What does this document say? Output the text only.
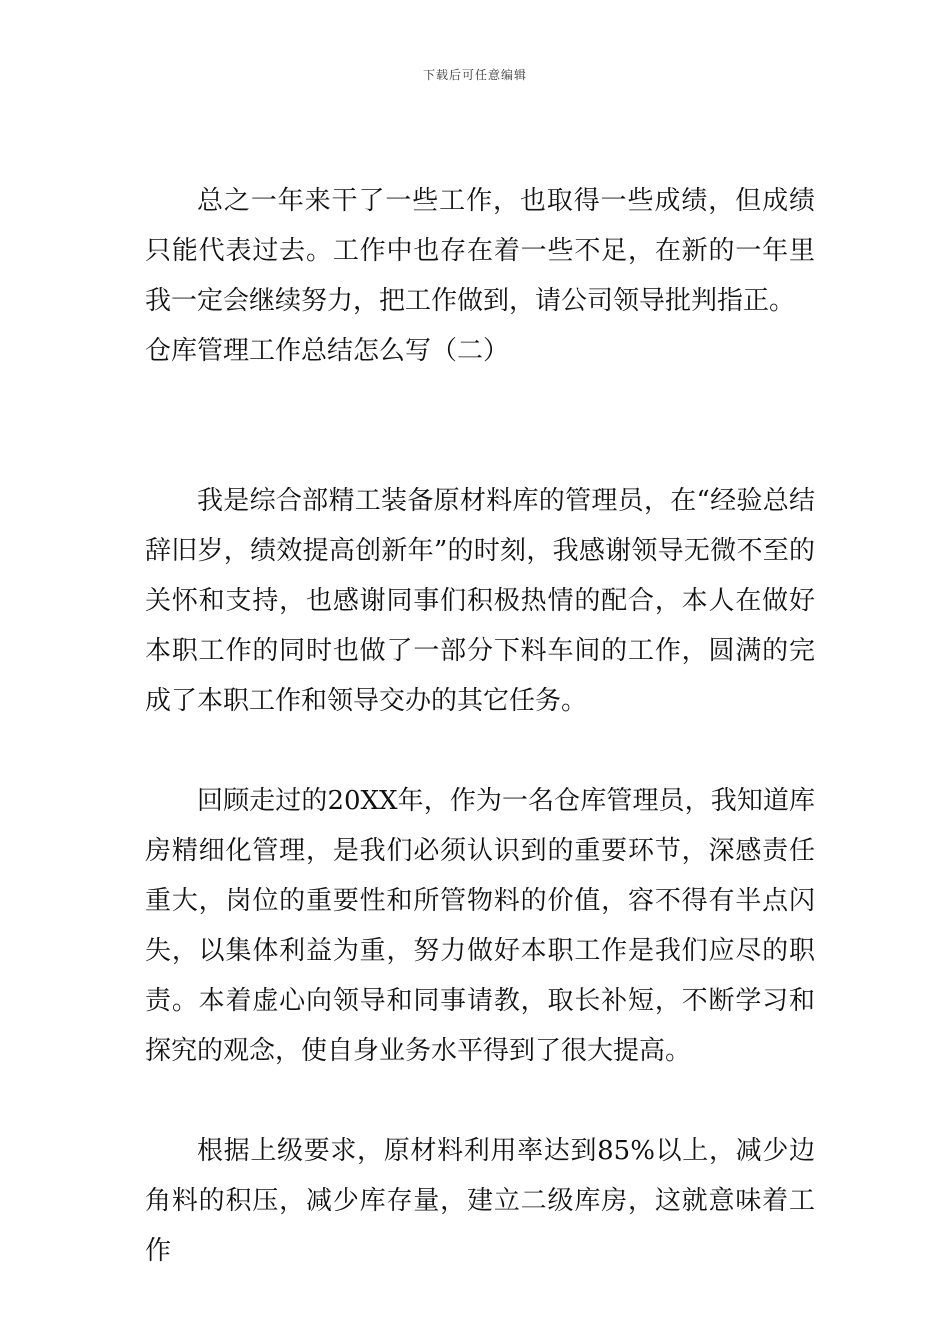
下载后可任意编辑

总之一年来干了一些工作，也取得一些成绩，但成绩只能代表过去。工作中也存在着一些不足，在新的一年里我一定会继续努力，把工作做到，请公司领导批判指正。

仓库管理工作总结怎么写（二）

我是综合部精工装备原材料库的管理员，在“经验总结辞旧岁，绩效提高创新年”的时刻，我感谢领导无微不至的关怀和支持，也感谢同事们积极热情的配合，本人在做好本职工作的同时也做了一部分下料车间的工作，圆满的完成了本职工作和领导交办的其它任务。

回顾走过的20XX年，作为一名仓库管理员，我知道库房精细化管理，是我们必须认识到的重要环节，深感责任重大，岗位的重要性和所管物料的价值，容不得有半点闪失，以集体利益为重，努力做好本职工作是我们应尽的职责。本着虚心向领导和同事请教，取长补短，不断学习和探究的观念，使自身业务水平得到了很大提高。

根据上级要求，原材料利用率达到85%以上，减少边角料的积压，减少库存量，建立二级库房，这就意味着工作
